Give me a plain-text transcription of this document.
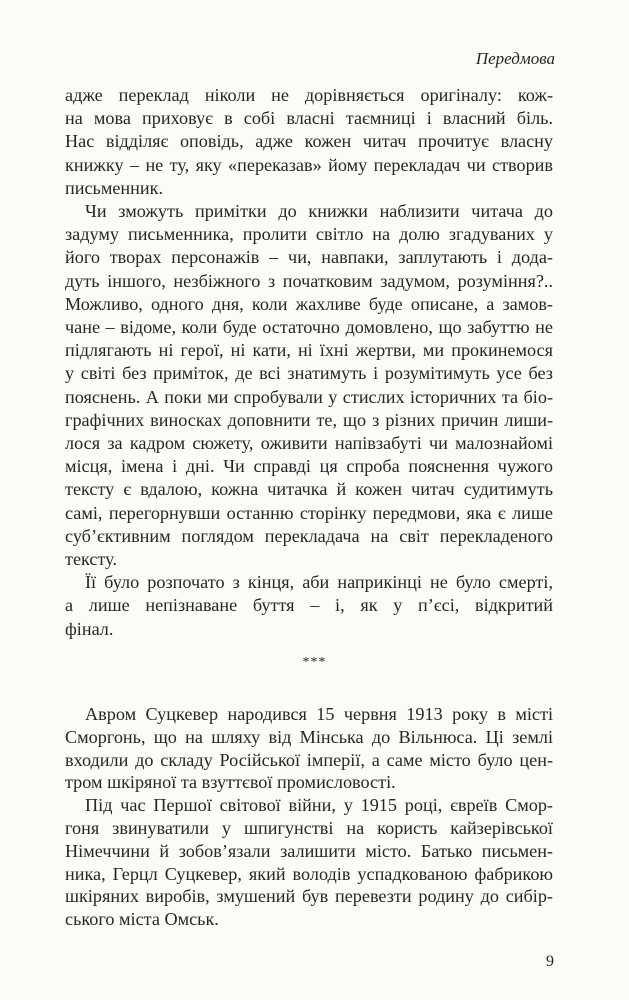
Передмова
адже переклад ніколи не дорівняється оригіналу: кож-
на мова приховує в собі власні таємниці і власний біль.
Нас відділяє оповідь, адже кожен читач прочитує власну
книжку – не ту, яку «переказав» йому перекладач чи створив
письменник.
Чи зможуть примітки до книжки наблизити читача до
задуму письменника, пролити світло на долю згадуваних у
його творах персонажів – чи, навпаки, заплутають і дода-
дуть іншого, незбіжного з початковим задумом, розуміння?..
Можливо, одного дня, коли жахливе буде описане, а замов-
чане – відоме, коли буде остаточно домовлено, що забуттю не
підлягають ні герої, ні кати, ні їхні жертви, ми прокинемося
у світі без приміток, де всі знатимуть і розумітимуть усе без
пояснень. А поки ми спробували у стислих історичних та біо-
графічних виносках доповнити те, що з різних причин лиши-
лося за кадром сюжету, оживити напівзабуті чи малознайомі
місця, імена і дні. Чи справді ця спроба пояснення чужого
тексту є вдалою, кожна читачка й кожен читач судитимуть
самі, перегорнувши останню сторінку передмови, яка є лише
суб’єктивним поглядом перекладача на світ перекладеного
тексту.
Її було розпочато з кінця, аби наприкінці не було смерті,
а лише непізнаване буття – і, як у п’єсі, відкритий
фінал.
***
Авром Суцкевер народився 15 червня 1913 року в місті
Сморгонь, що на шляху від Мінська до Вільнюса. Ці землі
входили до складу Російської імперії, а саме місто було цен-
тром шкіряної та взуттєвої промисловості.
Під час Першої світової війни, у 1915 році, євреїв Смор-
гоня звинуватили у шпигунстві на користь кайзерівської
Німеччини й зобов’язали залишити місто. Батько письмен-
ника, Герцл Суцкевер, який володів успадкованою фабрикою
шкіряних виробів, змушений був перевезти родину до сибір-
ського міста Омськ.
9
